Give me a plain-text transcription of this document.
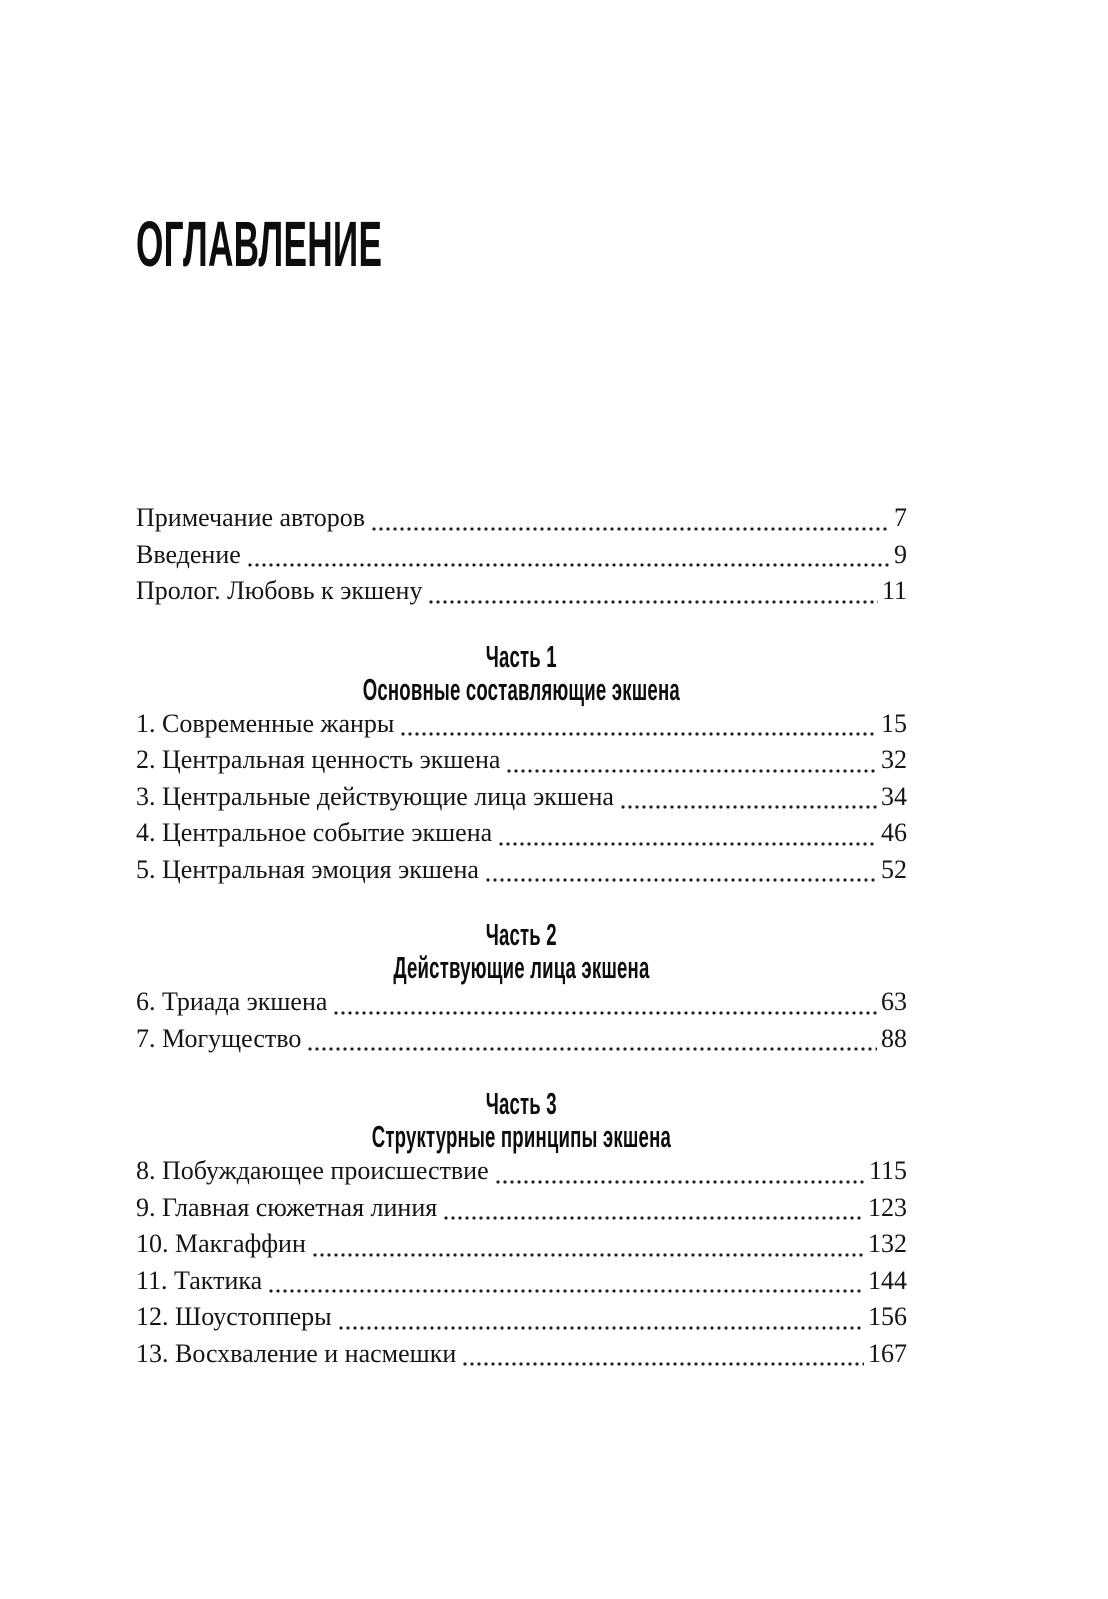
ОГЛАВЛЕНИЕ
Примечание авторов	7
Введение	9
Пролог. Любовь к экшену	11
Часть 1
Основные составляющие экшена
1. Современные жанры	15
2. Центральная ценность экшена	32
3. Центральные действующие лица экшена	34
4. Центральное событие экшена	46
5. Центральная эмоция экшена	52
Часть 2
Действующие лица экшена
6. Триада экшена	63
7. Могущество	88
Часть 3
Структурные принципы экшена
8. Побуждающее происшествие	115
9. Главная сюжетная линия	123
10. Макгаффин	132
11. Тактика	144
12. Шоустопперы	156
13. Восхваление и насмешки	167
